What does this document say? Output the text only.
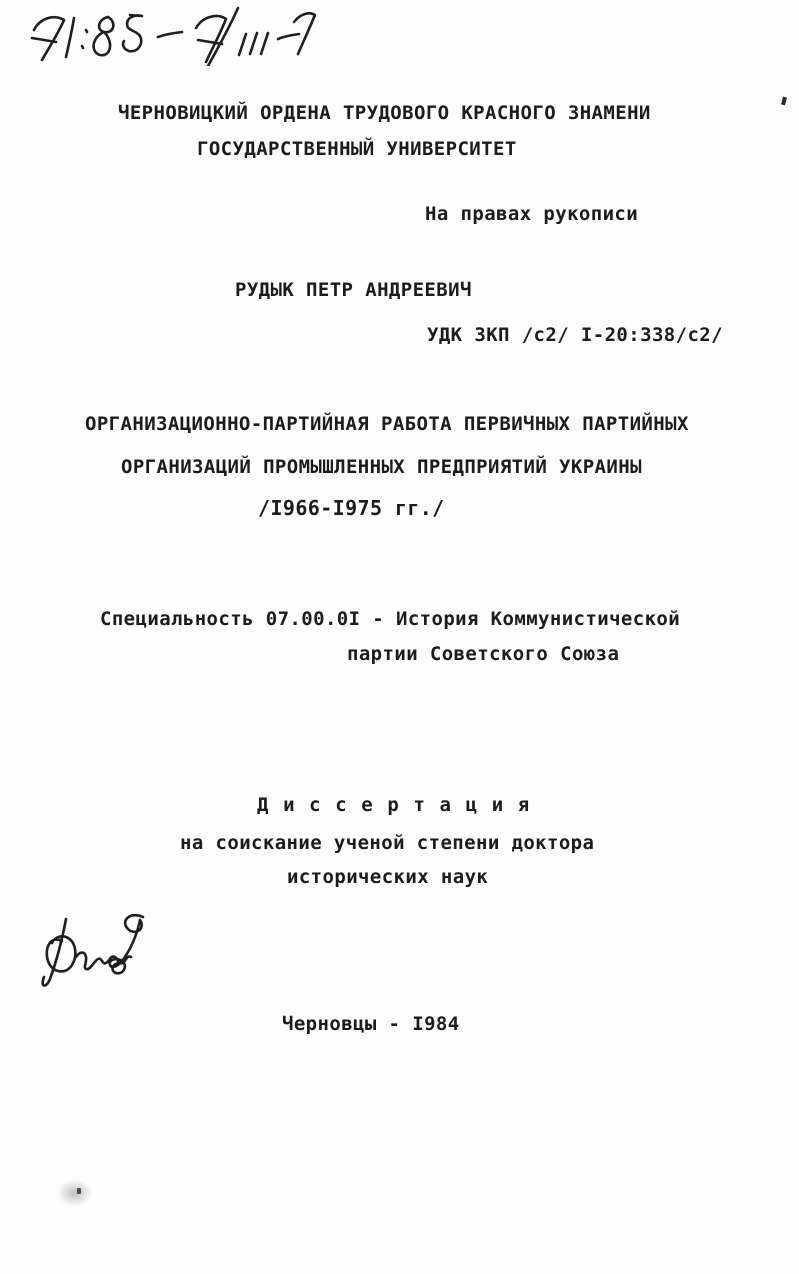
ЧЕРНОВИЦКИЙ ОРДЕНА ТРУДОВОГО КРАСНОГО ЗНАМЕНИ
ГОСУДАРСТВЕННЫЙ УНИВЕРСИТЕТ
На правах рукописи
РУДЫК ПЕТР АНДРЕЕВИЧ
УДК ЗКП /с2/ I-20:338/с2/
ОРГАНИЗАЦИОННО-ПАРТИЙНАЯ РАБОТА ПЕРВИЧНЫХ ПАРТИЙНЫХ
ОРГАНИЗАЦИЙ ПРОМЫШЛЕННЫХ ПРЕДПРИЯТИЙ УКРАИНЫ
/I966-I975 гг./
Специальность 07.00.0I - История Коммунистической
партии Советского Союза
Д и с с е р т а ц и я
на соискание ученой степени доктора
исторических наук
Черновцы - I984
